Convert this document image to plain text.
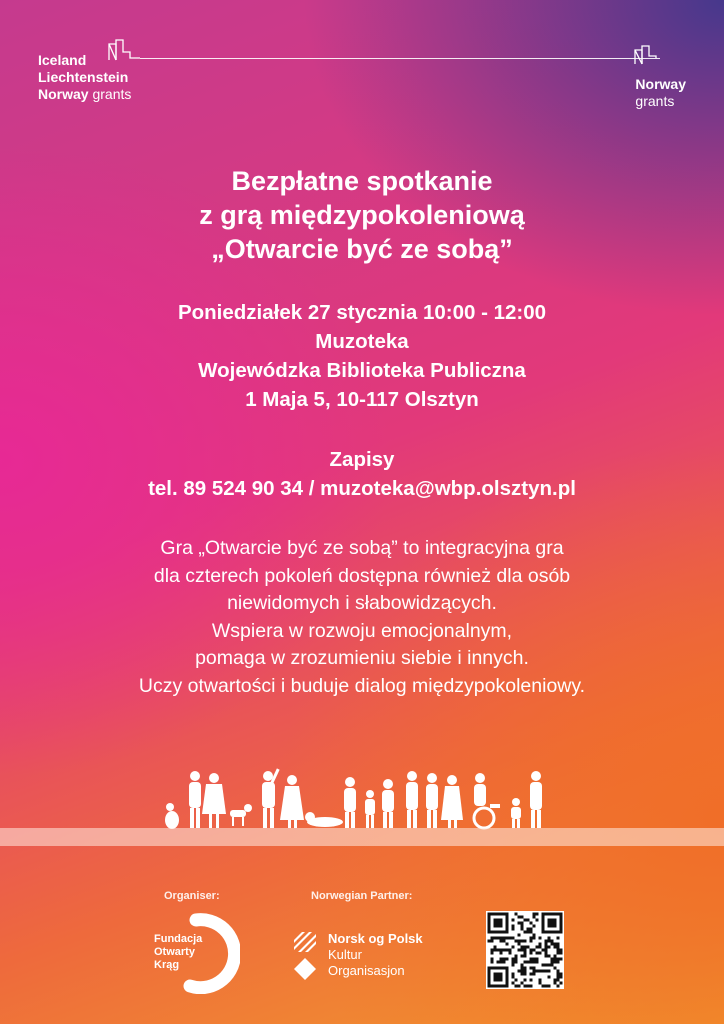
Iceland
Liechtenstein
Norway grants
Norway
grants
Bezpłatne spotkanie
z grą międzypokoleniową
„Otwarcie być ze sobą”
Poniedziałek 27 stycznia 10:00 - 12:00
Muzoteka
Wojewódzka Biblioteka Publiczna
1 Maja 5, 10-117 Olsztyn
Zapisy
tel. 89 524 90 34 / muzoteka@wbp.olsztyn.pl
Gra „Otwarcie być ze sobą” to integracyjna gra
dla czterech pokoleń dostępna również dla osób
niewidomych i słabowidzących.
Wspiera w rozwoju emocjonalnym,
pomaga w zrozumieniu siebie i innych.
Uczy otwartości i buduje dialog międzypokoleniowy.
Organiser:	Norwegian Partner:
Fundacja
Otwarty
Krąg
Norsk og Polsk
Kultur
Organisasjon
